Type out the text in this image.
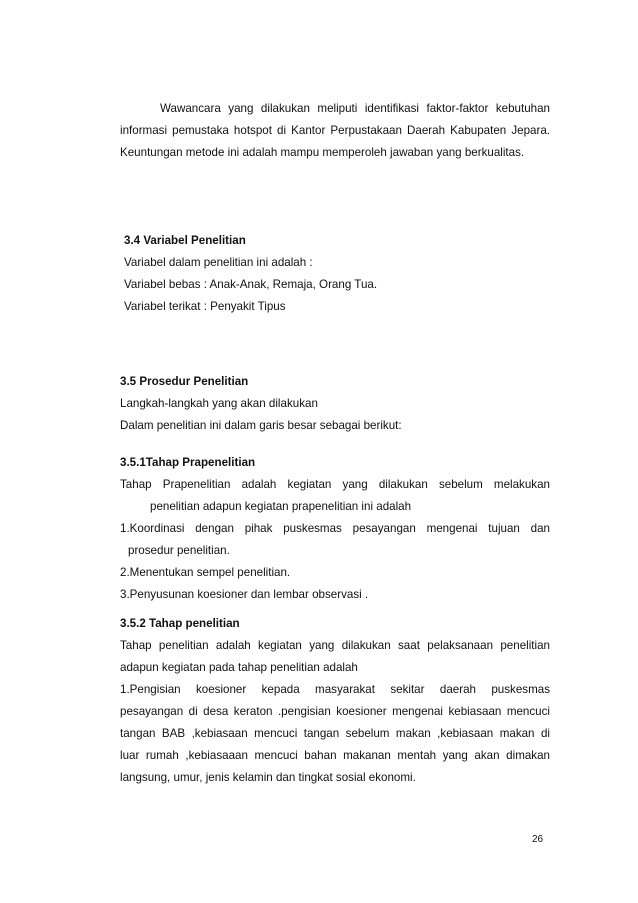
Wawancara yang dilakukan meliputi identifikasi faktor-faktor kebutuhan
informasi pemustaka hotspot di Kantor Perpustakaan Daerah Kabupaten Jepara.
Keuntungan metode ini adalah mampu memperoleh jawaban yang berkualitas.
3.4 Variabel Penelitian
Variabel dalam penelitian ini adalah :
Variabel bebas : Anak-Anak, Remaja, Orang Tua.
Variabel terikat : Penyakit Tipus
3.5 Prosedur Penelitian
Langkah-langkah yang akan dilakukan
Dalam penelitian ini dalam garis besar sebagai berikut:
3.5.1Tahap Prapenelitian
Tahap Prapenelitian adalah kegiatan yang dilakukan sebelum melakukan
penelitian adapun kegiatan prapenelitian ini adalah
1.Koordinasi dengan pihak puskesmas pesayangan mengenai tujuan dan
prosedur penelitian.
2.Menentukan sempel penelitian.
3.Penyusunan koesioner dan lembar observasi .
3.5.2 Tahap penelitian
Tahap penelitian adalah kegiatan yang dilakukan saat pelaksanaan penelitian
adapun kegiatan pada tahap penelitian adalah
1.Pengisian koesioner kepada masyarakat sekitar daerah puskesmas
pesayangan di desa keraton .pengisian koesioner mengenai kebiasaan mencuci
tangan BAB ,kebiasaan mencuci tangan sebelum makan ,kebiasaan makan di
luar rumah ,kebiasaaan mencuci bahan makanan mentah yang akan dimakan
langsung, umur, jenis kelamin dan tingkat sosial ekonomi.
26
